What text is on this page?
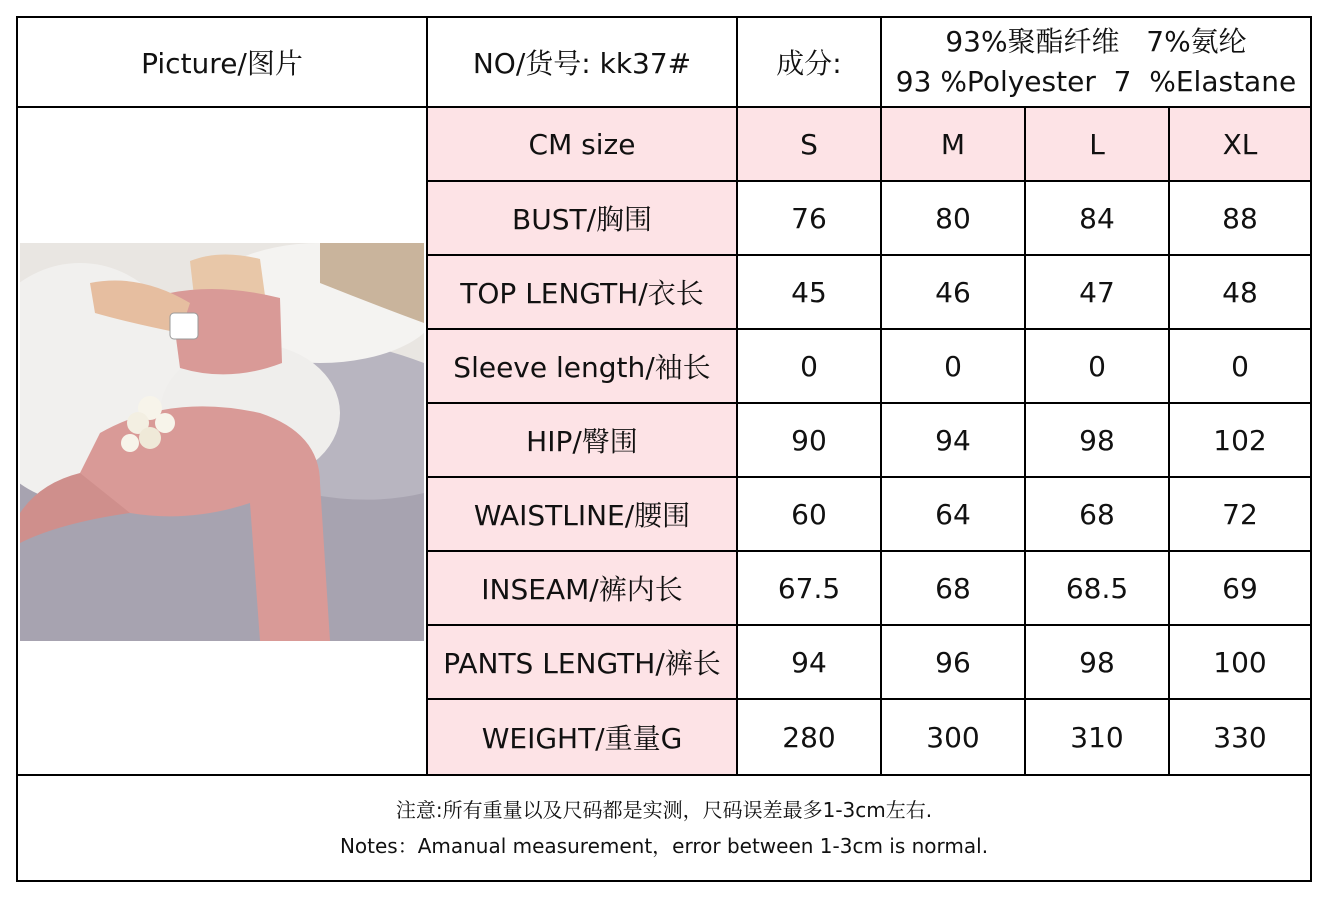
Picture/图片	NO/货号: kk37#	成分:
93%聚酯纤维   7%氨纶
93 %Polyester  7  %Elastane
CM size	S	M	L	XL
BUST/胸围	76	80	84	88
TOP LENGTH/衣长	45	46	47	48
Sleeve length/袖长	0	0	0	0
HIP/臀围	90	94	98	102
WAISTLINE/腰围	60	64	68	72
INSEAM/裤内长	67.5	68	68.5	69
PANTS LENGTH/裤长	94	96	98	100
WEIGHT/重量G	280	300	310	330
注意:所有重量以及尺码都是实测，尺码误差最多1-3cm左右.
Notes：Amanual measurement，error between 1-3cm is normal.
